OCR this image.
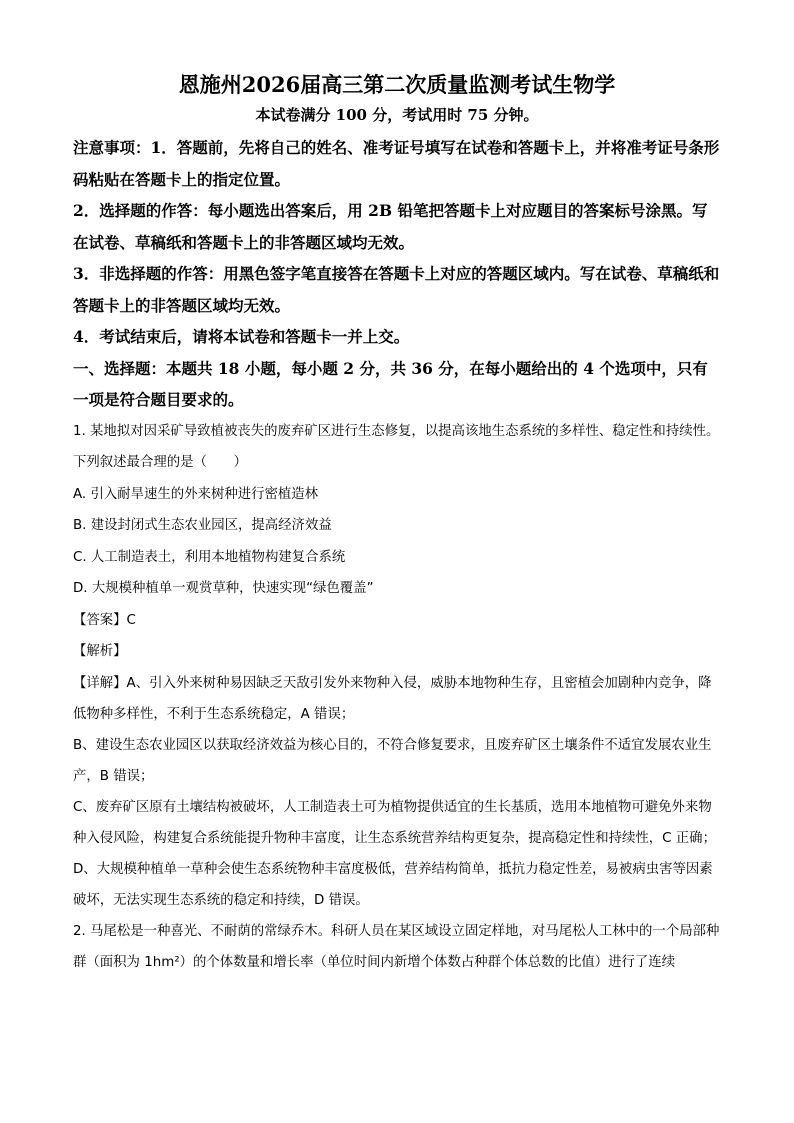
恩施州2026届高三第二次质量监测考试生物学
本试卷满分 100 分，考试用时 75 分钟。

注意事项：1．答题前，先将自己的姓名、准考证号填写在试卷和答题卡上，并将准考证号条形码粘贴在答题卡上的指定位置。

2．选择题的作答：每小题选出答案后，用 2B 铅笔把答题卡上对应题目的答案标号涂黑。写在试卷、草稿纸和答题卡上的非答题区域均无效。

3．非选择题的作答：用黑色签字笔直接答在答题卡上对应的答题区域内。写在试卷、草稿纸和答题卡上的非答题区域均无效。

4．考试结束后，请将本试卷和答题卡一并上交。

一、选择题：本题共 18 小题，每小题 2 分，共 36 分，在每小题给出的 4 个选项中，只有一项是符合题目要求的。

1. 某地拟对因采矿导致植被丧失的废弃矿区进行生态修复，以提高该地生态系统的多样性、稳定性和持续性。下列叙述最合理的是（　　）

A. 引入耐旱速生的外来树种进行密植造林

B. 建设封闭式生态农业园区，提高经济效益

C. 人工制造表土，利用本地植物构建复合系统

D. 大规模种植单一观赏草种，快速实现“绿色覆盖”

【答案】C

【解析】

【详解】A、引入外来树种易因缺乏天敌引发外来物种入侵，威胁本地物种生存，且密植会加剧种内竞争，降低物种多样性，不利于生态系统稳定，A 错误；

B、建设生态农业园区以获取经济效益为核心目的，不符合修复要求，且废弃矿区土壤条件不适宜发展农业生产，B 错误；

C、废弃矿区原有土壤结构被破坏，人工制造表土可为植物提供适宜的生长基质，选用本地植物可避免外来物种入侵风险，构建复合系统能提升物种丰富度，让生态系统营养结构更复杂，提高稳定性和持续性，C 正确；

D、大规模种植单一草种会使生态系统物种丰富度极低，营养结构简单，抵抗力稳定性差，易被病虫害等因素破坏，无法实现生态系统的稳定和持续，D 错误。

2. 马尾松是一种喜光、不耐荫的常绿乔木。科研人员在某区域设立固定样地，对马尾松人工林中的一个局部种群（面积为 1hm²）的个体数量和增长率（单位时间内新增个体数占种群个体总数的比值）进行了连续
